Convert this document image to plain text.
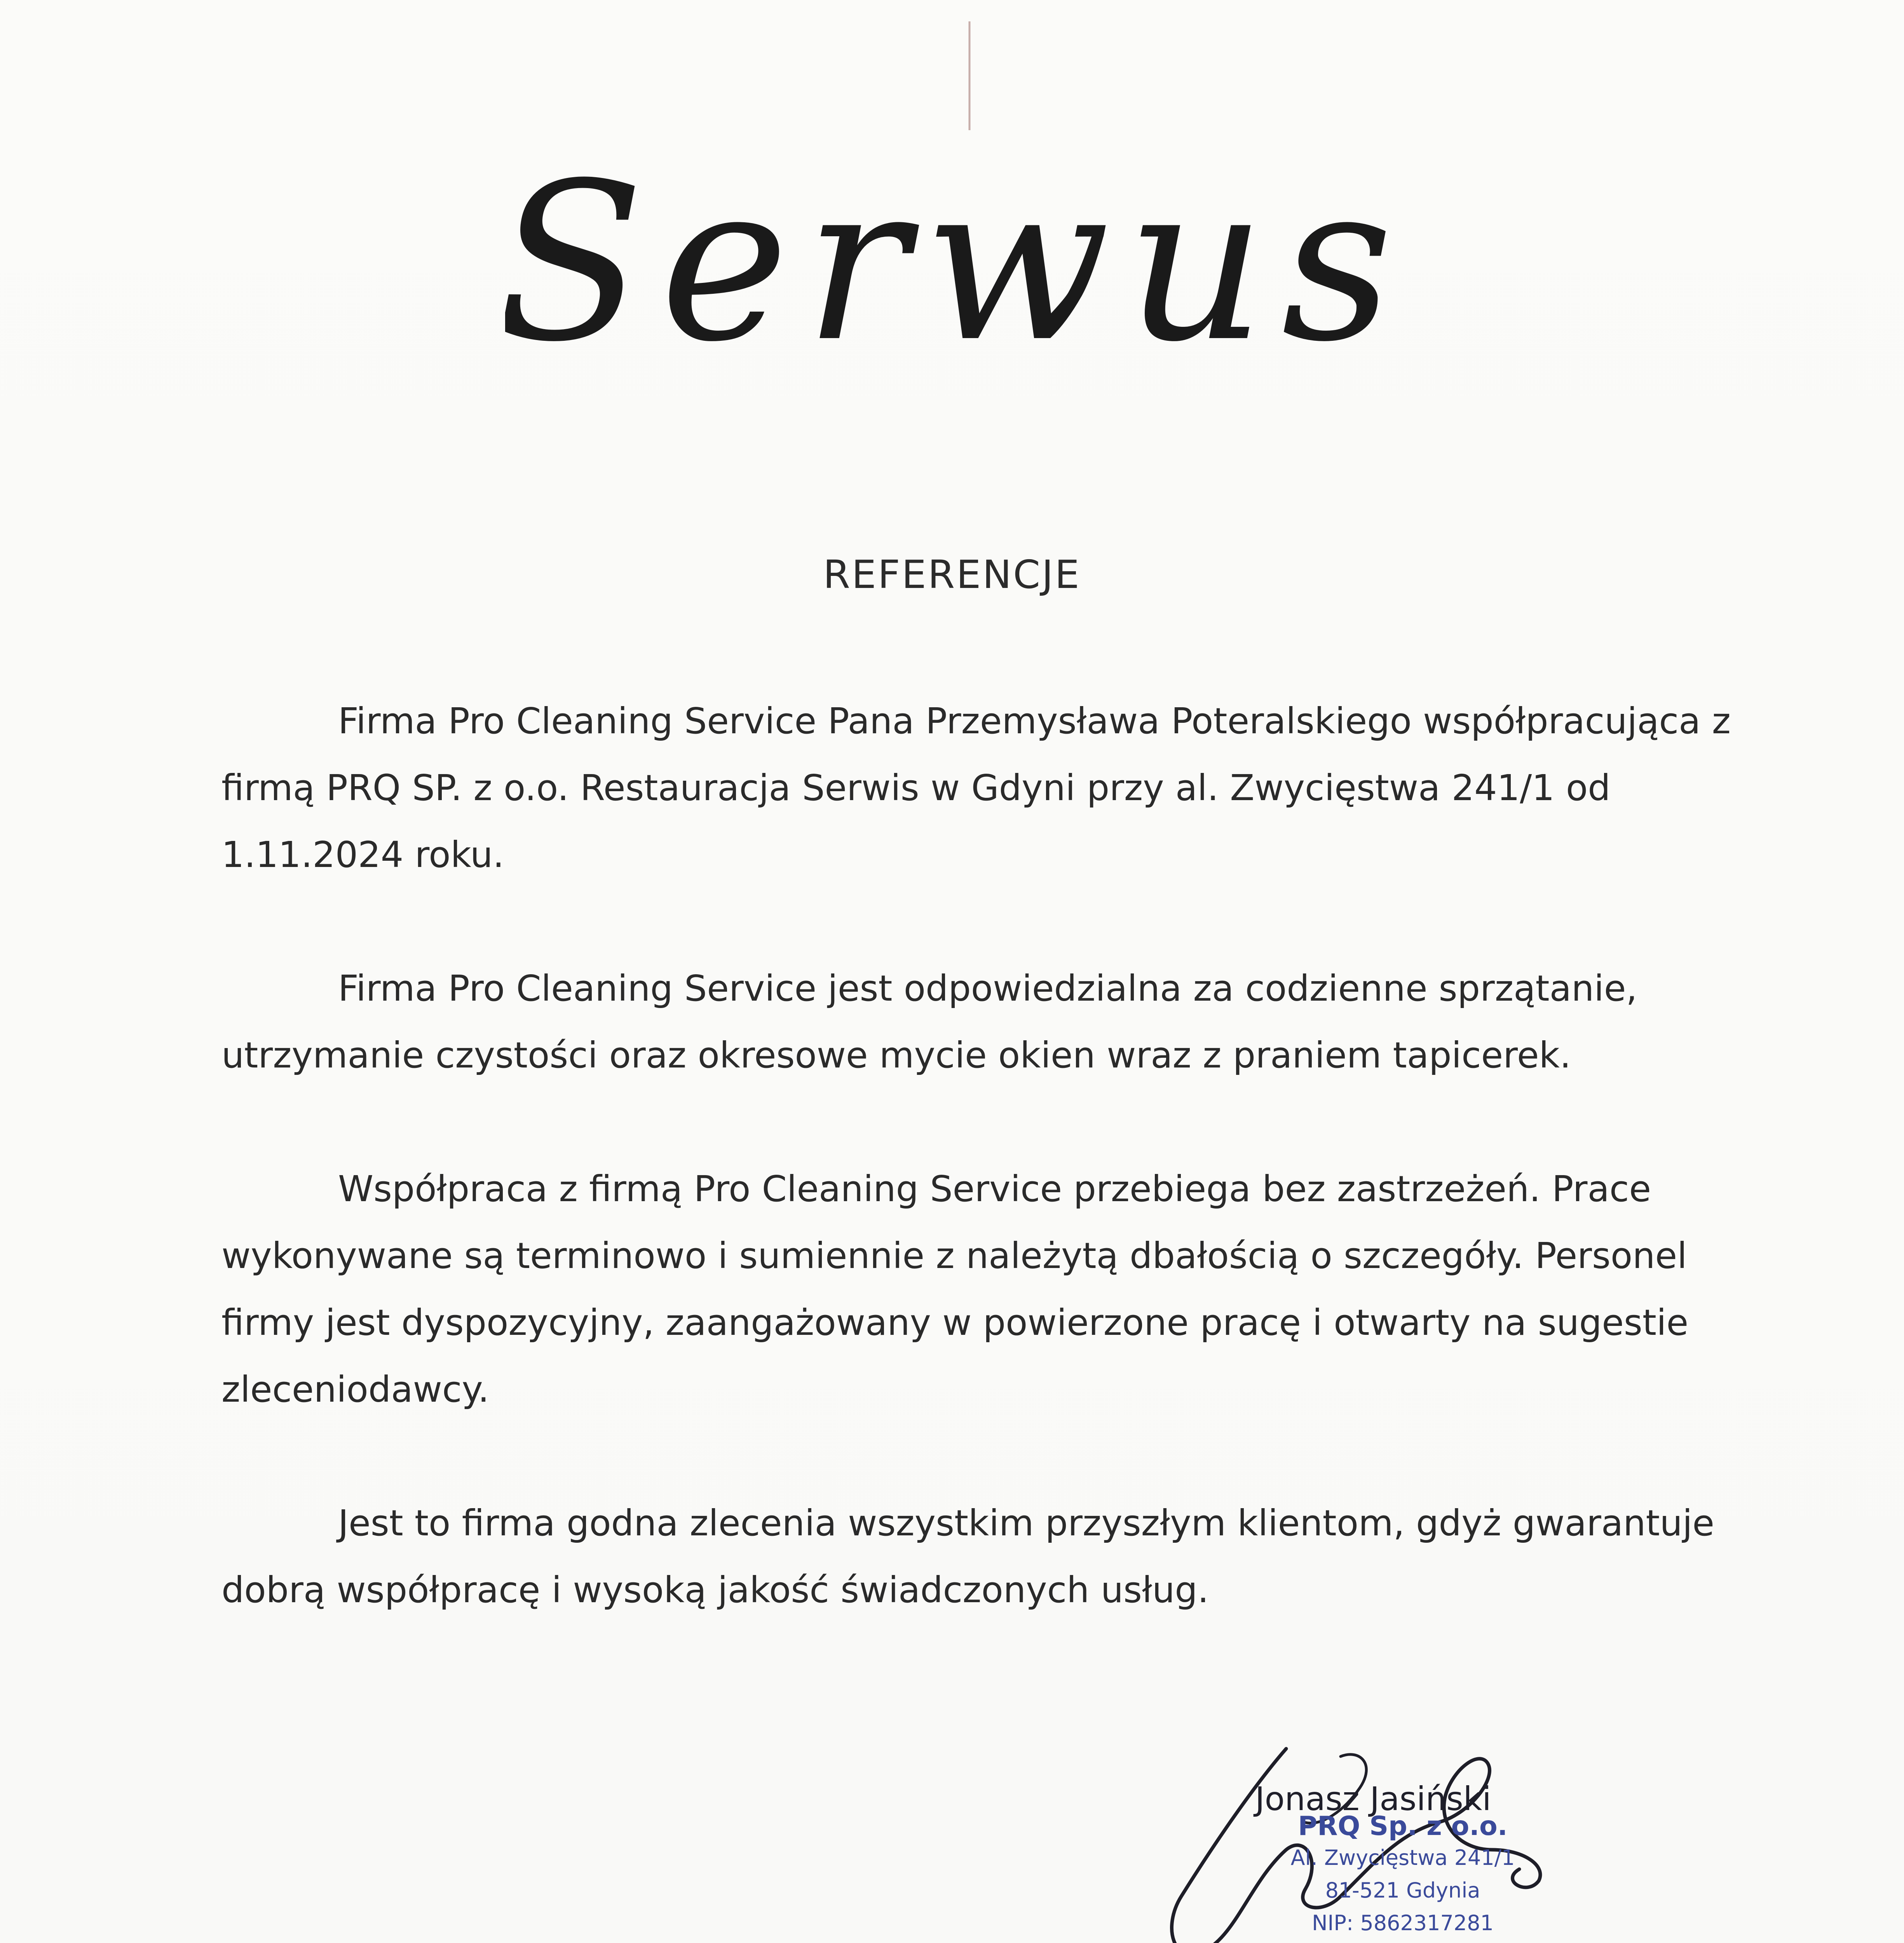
Serwus
REFERENCJE

Firma Pro Cleaning Service Pana Przemysława Poteralskiego współpracująca z firmą PRQ SP. z o.o. Restauracja Serwis w Gdyni przy al. Zwycięstwa 241/1 od 1.11.2024 roku.

Firma Pro Cleaning Service jest odpowiedzialna za codzienne sprzątanie, utrzymanie czystości oraz okresowe mycie okien wraz z praniem tapicerek.

Współpraca z firmą Pro Cleaning Service przebiega bez zastrzeżeń. Prace wykonywane są terminowo i sumiennie z należytą dbałością o szczegóły. Personel firmy jest dyspozycyjny, zaangażowany w powierzone pracę i otwarty na sugestie zleceniodawcy.

Jest to firma godna zlecenia wszystkim przyszłym klientom, gdyż gwarantuje dobrą współpracę i wysoką jakość świadczonych usług.

Jonasz Jasiński
PRQ Sp. z o.o.
Al. Zwycięstwa 241/1
81-521 Gdynia
NIP: 5862317281
